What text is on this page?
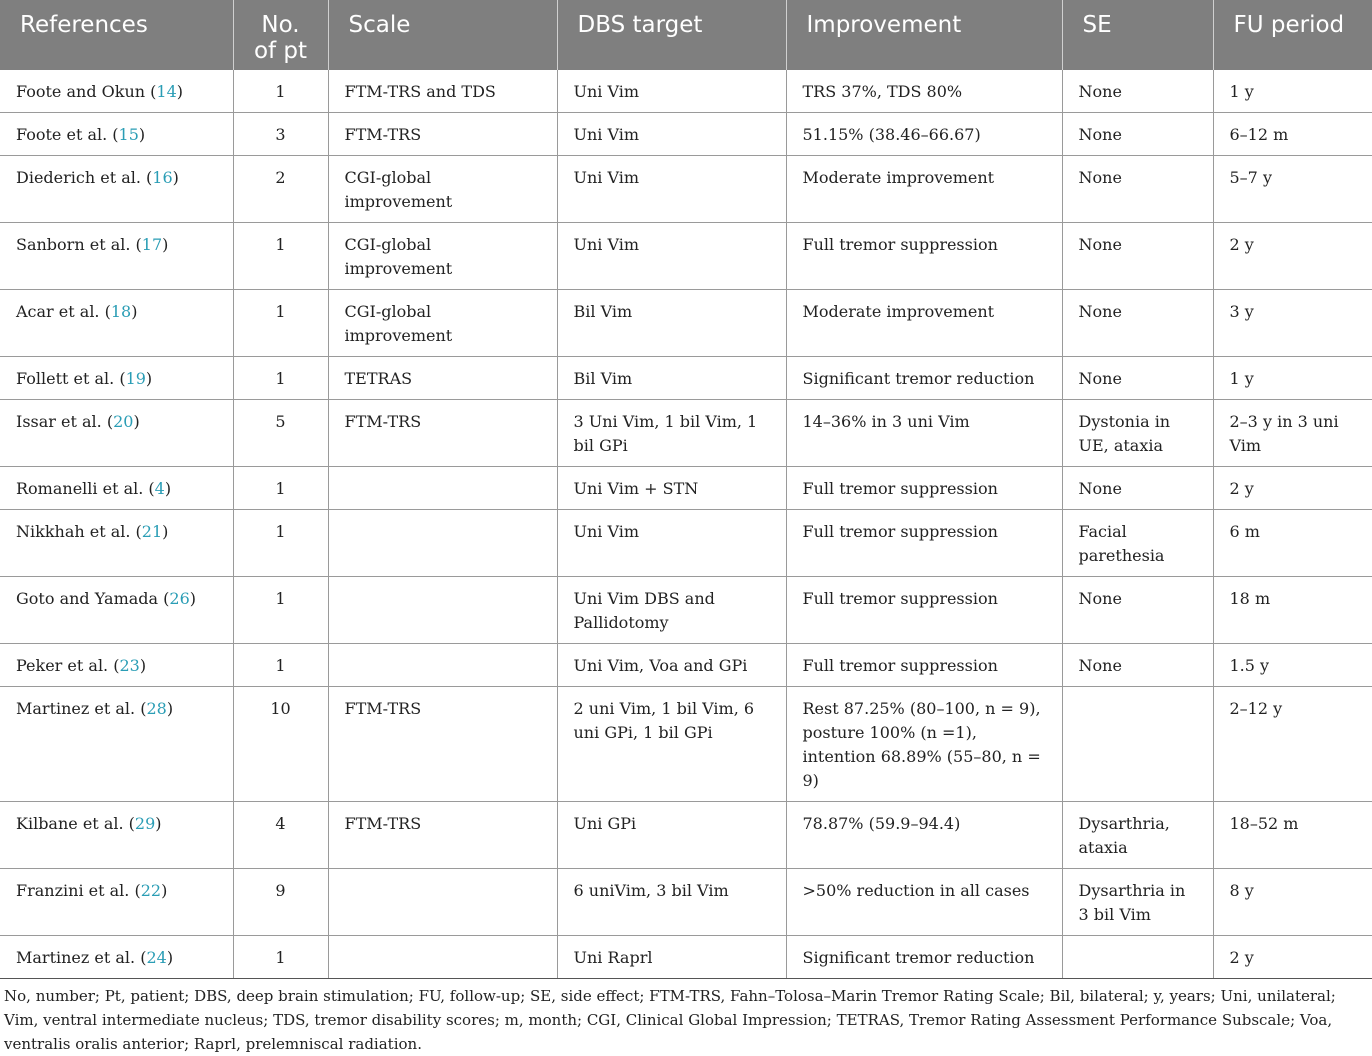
References	No. of pt	Scale	DBS target	Improvement	SE	FU period
Foote and Okun (14)	1	FTM-TRS and TDS	Uni Vim	TRS 37%, TDS 80%	None	1 y
Foote et al. (15)	3	FTM-TRS	Uni Vim	51.15% (38.46–66.67)	None	6–12 m
Diederich et al. (16)	2	CGI-global improvement	Uni Vim	Moderate improvement	None	5–7 y
Sanborn et al. (17)	1	CGI-global improvement	Uni Vim	Full tremor suppression	None	2 y
Acar et al. (18)	1	CGI-global improvement	Bil Vim	Moderate improvement	None	3 y
Follett et al. (19)	1	TETRAS	Bil Vim	Significant tremor reduction	None	1 y
Issar et al. (20)	5	FTM-TRS	3 Uni Vim, 1 bil Vim, 1 bil GPi	14–36% in 3 uni Vim	Dystonia in UE, ataxia	2–3 y in 3 uni Vim
Romanelli et al. (4)	1		Uni Vim + STN	Full tremor suppression	None	2 y
Nikkhah et al. (21)	1		Uni Vim	Full tremor suppression	Facial parethesia	6 m
Goto and Yamada (26)	1		Uni Vim DBS and Pallidotomy	Full tremor suppression	None	18 m
Peker et al. (23)	1		Uni Vim, Voa and GPi	Full tremor suppression	None	1.5 y
Martinez et al. (28)	10	FTM-TRS	2 uni Vim, 1 bil Vim, 6 uni GPi, 1 bil GPi	Rest 87.25% (80–100, n = 9), posture 100% (n =1), intention 68.89% (55–80, n = 9)		2–12 y
Kilbane et al. (29)	4	FTM-TRS	Uni GPi	78.87% (59.9–94.4)	Dysarthria, ataxia	18–52 m
Franzini et al. (22)	9		6 uniVim, 3 bil Vim	>50% reduction in all cases	Dysarthria in 3 bil Vim	8 y
Martinez et al. (24)	1		Uni Raprl	Significant tremor reduction		2 y
No, number; Pt, patient; DBS, deep brain stimulation; FU, follow-up; SE, side effect; FTM-TRS, Fahn–Tolosa–Marin Tremor Rating Scale; Bil, bilateral; y, years; Uni, unilateral; Vim, ventral intermediate nucleus; TDS, tremor disability scores; m, month; CGI, Clinical Global Impression; TETRAS, Tremor Rating Assessment Performance Subscale; Voa, ventralis oralis anterior; Raprl, prelemniscal radiation.
